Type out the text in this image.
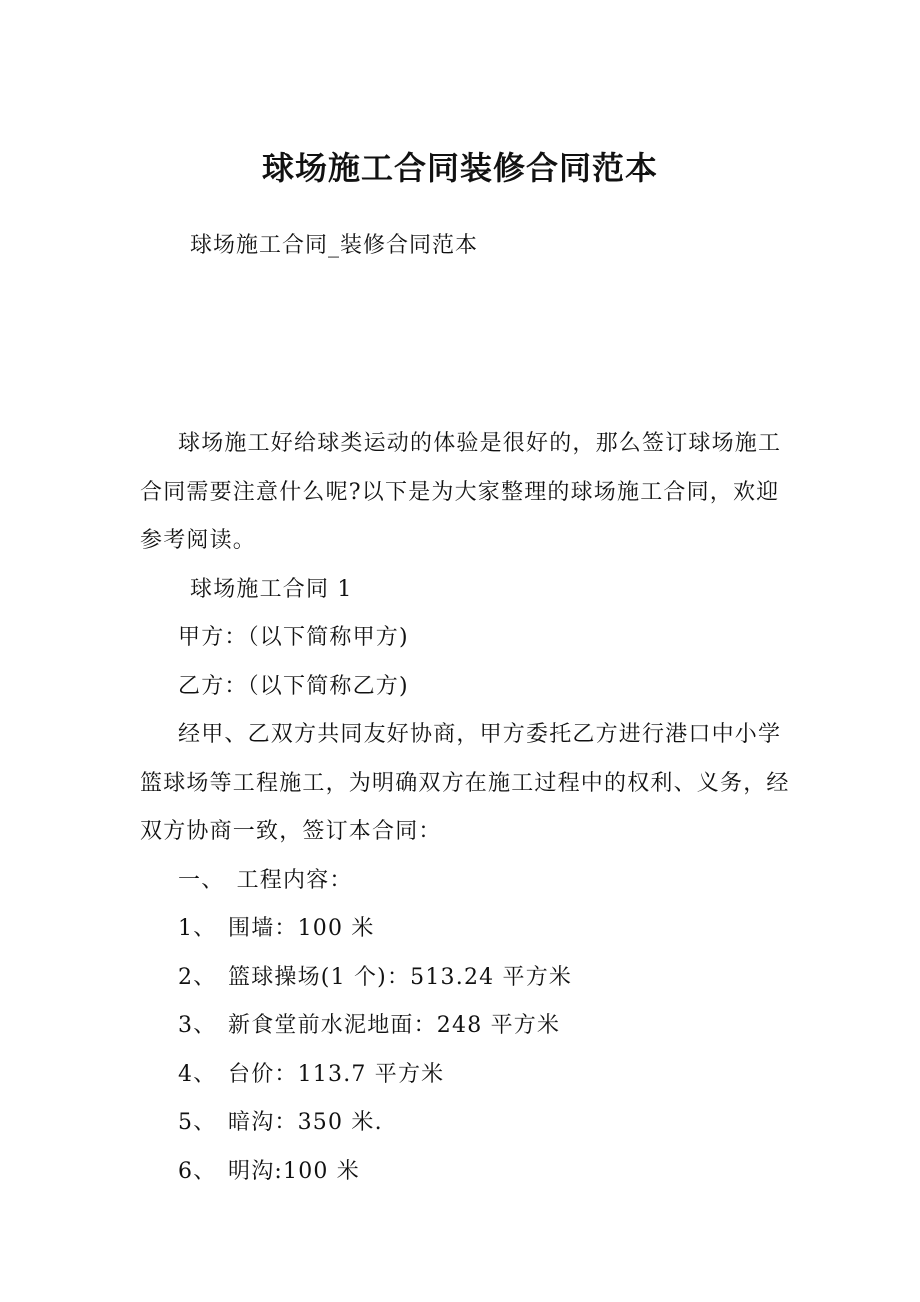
球场施工合同装修合同范本
球场施工合同_装修合同范本

球场施工好给球类运动的体验是很好的，那么签订球场施工合同需要注意什么呢?以下是为大家整理的球场施工合同，欢迎参考阅读。

球场施工合同 1

甲方：（以下简称甲方)

乙方：（以下简称乙方)

经甲、乙双方共同友好协商，甲方委托乙方进行港口中小学篮球场等工程施工，为明确双方在施工过程中的权利、义务，经双方协商一致，签订本合同：

一、　工程内容：

1、 围墙：100 米

2、 篮球操场(1 个)：513.24 平方米

3、 新食堂前水泥地面：248 平方米

4、 台价：113.7 平方米

5、 暗沟：350 米.

6、 明沟:100 米
